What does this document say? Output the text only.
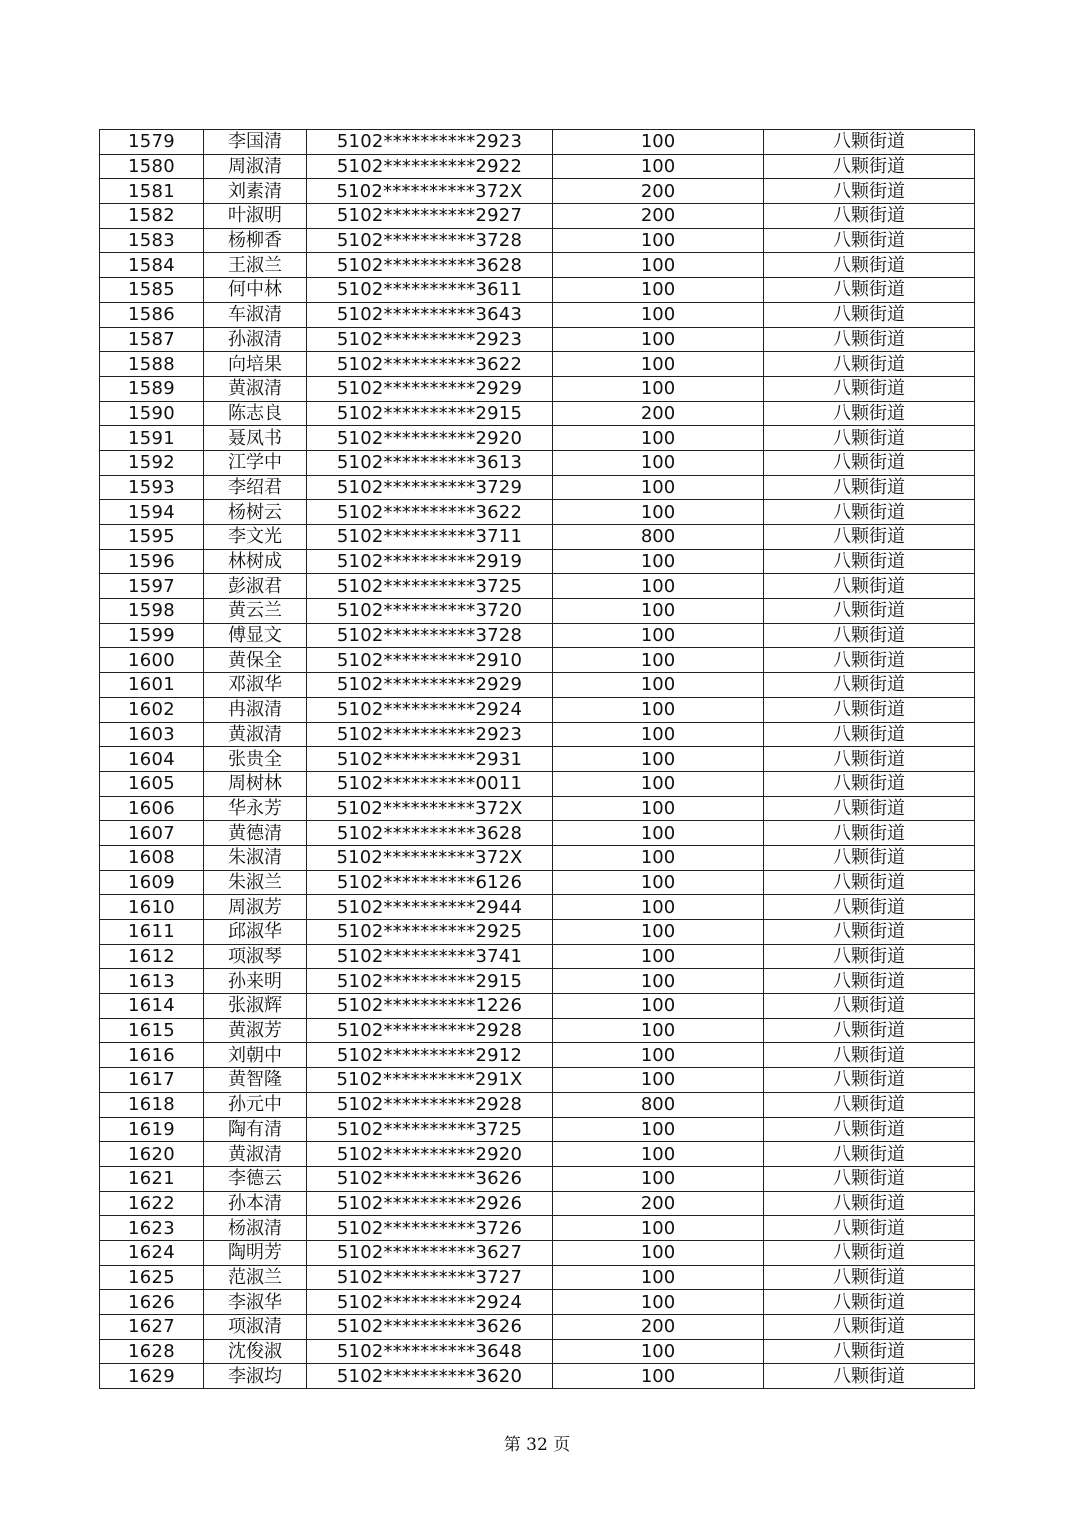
1579	李国清	5102**********2923	100	八颗街道
1580	周淑清	5102**********2922	100	八颗街道
1581	刘素清	5102**********372X	200	八颗街道
1582	叶淑明	5102**********2927	200	八颗街道
1583	杨柳香	5102**********3728	100	八颗街道
1584	王淑兰	5102**********3628	100	八颗街道
1585	何中林	5102**********3611	100	八颗街道
1586	车淑清	5102**********3643	100	八颗街道
1587	孙淑清	5102**********2923	100	八颗街道
1588	向培果	5102**********3622	100	八颗街道
1589	黄淑清	5102**********2929	100	八颗街道
1590	陈志良	5102**********2915	200	八颗街道
1591	聂凤书	5102**********2920	100	八颗街道
1592	江学中	5102**********3613	100	八颗街道
1593	李绍君	5102**********3729	100	八颗街道
1594	杨树云	5102**********3622	100	八颗街道
1595	李文光	5102**********3711	800	八颗街道
1596	林树成	5102**********2919	100	八颗街道
1597	彭淑君	5102**********3725	100	八颗街道
1598	黄云兰	5102**********3720	100	八颗街道
1599	傅显文	5102**********3728	100	八颗街道
1600	黄保全	5102**********2910	100	八颗街道
1601	邓淑华	5102**********2929	100	八颗街道
1602	冉淑清	5102**********2924	100	八颗街道
1603	黄淑清	5102**********2923	100	八颗街道
1604	张贵全	5102**********2931	100	八颗街道
1605	周树林	5102**********0011	100	八颗街道
1606	华永芳	5102**********372X	100	八颗街道
1607	黄德清	5102**********3628	100	八颗街道
1608	朱淑清	5102**********372X	100	八颗街道
1609	朱淑兰	5102**********6126	100	八颗街道
1610	周淑芳	5102**********2944	100	八颗街道
1611	邱淑华	5102**********2925	100	八颗街道
1612	项淑琴	5102**********3741	100	八颗街道
1613	孙来明	5102**********2915	100	八颗街道
1614	张淑辉	5102**********1226	100	八颗街道
1615	黄淑芳	5102**********2928	100	八颗街道
1616	刘朝中	5102**********2912	100	八颗街道
1617	黄智隆	5102**********291X	100	八颗街道
1618	孙元中	5102**********2928	800	八颗街道
1619	陶有清	5102**********3725	100	八颗街道
1620	黄淑清	5102**********2920	100	八颗街道
1621	李德云	5102**********3626	100	八颗街道
1622	孙本清	5102**********2926	200	八颗街道
1623	杨淑清	5102**********3726	100	八颗街道
1624	陶明芳	5102**********3627	100	八颗街道
1625	范淑兰	5102**********3727	100	八颗街道
1626	李淑华	5102**********2924	100	八颗街道
1627	项淑清	5102**********3626	200	八颗街道
1628	沈俊淑	5102**********3648	100	八颗街道
1629	李淑均	5102**********3620	100	八颗街道
第 32 页
